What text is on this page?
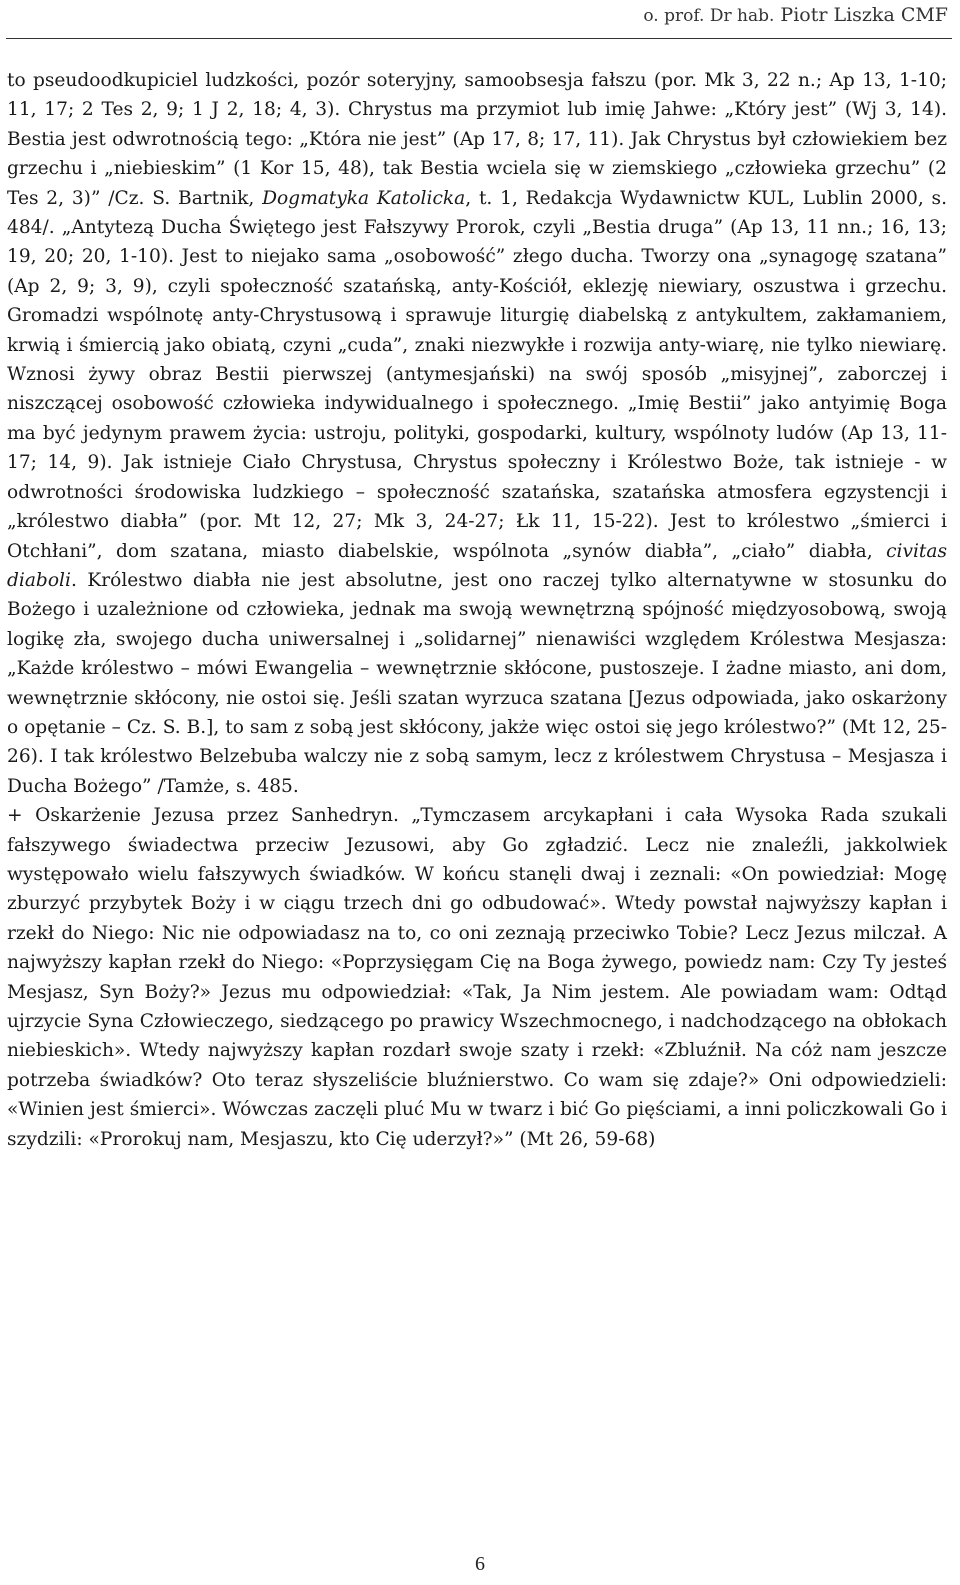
o. prof. Dr hab. Piotr Liszka CMF

to pseudoodkupiciel ludzkości, pozór soteryjny, samoobsesja fałszu (por. Mk 3, 22 n.; Ap 13, 1-10; 11, 17; 2 Tes 2, 9; 1 J 2, 18; 4, 3). Chrystus ma przymiot lub imię Jahwe: „Który jest” (Wj 3, 14). Bestia jest odwrotnością tego: „Która nie jest” (Ap 17, 8; 17, 11). Jak Chrystus był człowiekiem bez grzechu i „niebieskim” (1 Kor 15, 48), tak Bestia wciela się w ziemskiego „człowieka grzechu” (2 Tes 2, 3)” /Cz. S. Bartnik, Dogmatyka Katolicka, t. 1, Redakcja Wydawnictw KUL, Lublin 2000, s. 484/. „Antytezą Ducha Świętego jest Fałszywy Prorok, czyli „Bestia druga” (Ap 13, 11 nn.; 16, 13; 19, 20; 20, 1-10). Jest to niejako sama „osobowość” złego ducha. Tworzy ona „synagogę szatana” (Ap 2, 9; 3, 9), czyli społeczność szatańską, anty-Kościół, eklezję niewiary, oszustwa i grzechu. Gromadzi wspólnotę anty-Chrystusową i sprawuje liturgię diabelską z antykultem, zakłamaniem, krwią i śmiercią jako obiatą, czyni „cuda”, znaki niezwykłe i rozwija anty-wiarę, nie tylko niewiarę. Wznosi żywy obraz Bestii pierwszej (antymesjański) na swój sposób „misyjnej”, zaborczej i niszczącej osobowość człowieka indywidualnego i społecznego. „Imię Bestii” jako antyimię Boga ma być jedynym prawem życia: ustroju, polityki, gospodarki, kultury, wspólnoty ludów (Ap 13, 11-17; 14, 9). Jak istnieje Ciało Chrystusa, Chrystus społeczny i Królestwo Boże, tak istnieje - w odwrotności środowiska ludzkiego – społeczność szatańska, szatańska atmosfera egzystencji i „królestwo diabła” (por. Mt 12, 27; Mk 3, 24-27; Łk 11, 15-22). Jest to królestwo „śmierci i Otchłani”, dom szatana, miasto diabelskie, wspólnota „synów diabła”, „ciało” diabła, civitas diaboli. Królestwo diabła nie jest absolutne, jest ono raczej tylko alternatywne w stosunku do Bożego i uzależnione od człowieka, jednak ma swoją wewnętrzną spójność międzyosobową, swoją logikę zła, swojego ducha uniwersalnej i „solidarnej” nienawiści względem Królestwa Mesjasza: „Każde królestwo – mówi Ewangelia – wewnętrznie skłócone, pustoszeje. I żadne miasto, ani dom, wewnętrznie skłócony, nie ostoi się. Jeśli szatan wyrzuca szatana [Jezus odpowiada, jako oskarżony o opętanie – Cz. S. B.], to sam z sobą jest skłócony, jakże więc ostoi się jego królestwo?” (Mt 12, 25-26). I tak królestwo Belzebuba walczy nie z sobą samym, lecz z królestwem Chrystusa – Mesjasza i Ducha Bożego” /Tamże, s. 485.

+ Oskarżenie Jezusa przez Sanhedryn. „Tymczasem arcykapłani i cała Wysoka Rada szukali fałszywego świadectwa przeciw Jezusowi, aby Go zgładzić. Lecz nie znaleźli, jakkolwiek występowało wielu fałszywych świadków. W końcu stanęli dwaj i zeznali: «On powiedział: Mogę zburzyć przybytek Boży i w ciągu trzech dni go odbudować». Wtedy powstał najwyższy kapłan i rzekł do Niego: Nic nie odpowiadasz na to, co oni zeznają przeciwko Tobie? Lecz Jezus milczał. A najwyższy kapłan rzekł do Niego: «Poprzysięgam Cię na Boga żywego, powiedz nam: Czy Ty jesteś Mesjasz, Syn Boży?» Jezus mu odpowiedział: «Tak, Ja Nim jestem. Ale powiadam wam: Odtąd ujrzycie Syna Człowieczego, siedzącego po prawicy Wszechmocnego, i nadchodzącego na obłokach niebieskich». Wtedy najwyższy kapłan rozdarł swoje szaty i rzekł: «Zbluźnił. Na cóż nam jeszcze potrzeba świadków? Oto teraz słyszeliście bluźnierstwo. Co wam się zdaje?» Oni odpowiedzieli: «Winien jest śmierci». Wówczas zaczęli pluć Mu w twarz i bić Go pięściami, a inni policzkowali Go i szydzili: «Prorokuj nam, Mesjaszu, kto Cię uderzył?»” (Mt 26, 59-68)

6
